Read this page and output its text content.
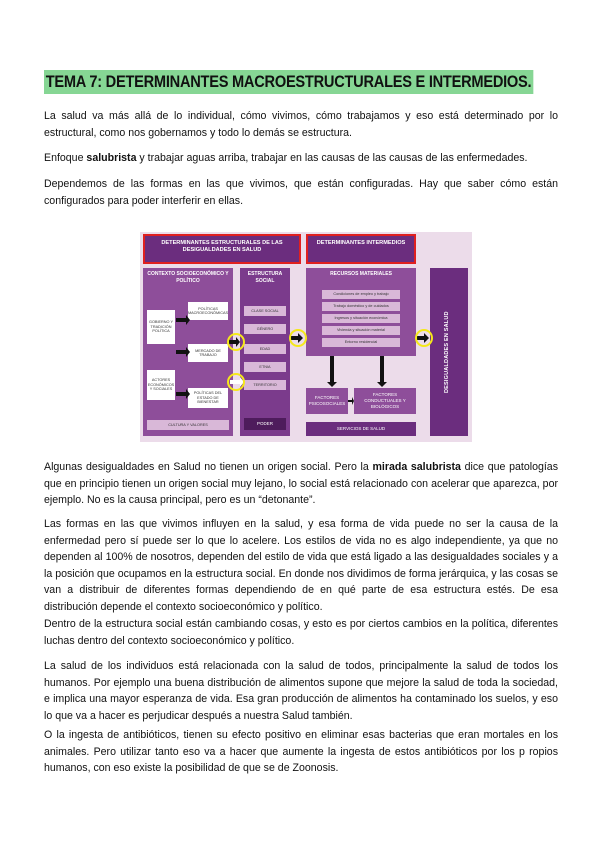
TEMA 7: DETERMINANTES MACROESTRUCTURALES E INTERMEDIOS.

La salud va más allá de lo individual, cómo vivimos, cómo trabajamos y eso está determinado por lo estructural, como nos gobernamos y todo lo demás se estructura.

Enfoque salubrista y trabajar aguas arriba, trabajar en las causas de las causas de las enfermedades.

Dependemos de las formas en las que vivimos, que están configuradas. Hay que saber cómo están configurados para poder interferir en ellas.

DETERMINANTES ESTRUCTURALES DE LAS DESIGUALDADES EN SALUD
DETERMINANTES INTERMEDIOS
CONTEXTO SOCIOECONÓMICO Y POLÍTICO
GOBIERNO Y TRADICIÓN POLÍTICA
ACTORES ECONÓMICOS Y SOCIALES
POLÍTICAS MACROECONÓMICAS
MERCADO DE TRABAJO
POLÍTICAS DEL ESTADO DE BIENESTAR
CULTURA Y VALORES
ESTRUCTURA SOCIAL
CLASE SOCIAL
GÉNERO
EDAD
ETNIA
TERRITORIO
PODER
RECURSOS MATERIALES
Condiciones de empleo y trabajo
Trabajo doméstico y de cuidados
Ingresos y situación económica
Vivienda y situación material
Entorno residencial
FACTORES PSICOSOCIALES
FACTORES CONDUCTUALES Y BIOLÓGICOS
SERVICIOS DE SALUD
DESIGUALDADES EN SALUD

Algunas desigualdades en Salud no tienen un origen social. Pero la mirada salubrista dice que patologías que en principio tienen un origen social muy lejano, lo social está relacionado con acelerar que aparezca, por ejemplo. No es la causa principal, pero es un “detonante”.

Las formas en las que vivimos influyen en la salud, y esa forma de vida puede no ser la causa de la enfermedad pero sí puede ser lo que lo acelere. Los estilos de vida no es algo independiente, ya que no dependen al 100% de nosotros, dependen del estilo de vida que está ligado a las desigualdades sociales y a la posición que ocupamos en la estructura social. En donde nos dividimos de forma jerárquica, y las cosas se van a distribuir de diferentes formas dependiendo de en qué parte de esa estructura estés. De esa distribución depende el contexto socioeconómico y político.

Dentro de la estructura social están cambiando cosas, y esto es por ciertos cambios en la política, diferentes luchas dentro del contexto socioeconómico y político.

La salud de los individuos está relacionada con la salud de todos, principalmente la salud de todos los humanos. Por ejemplo una buena distribución de alimentos supone que mejore la salud de toda la sociedad, e implica una mayor esperanza de vida. Esa gran producción de alimentos ha contaminado los suelos, y eso lo que va a hacer es perjudicar después a nuestra Salud también.

O la ingesta de antibióticos, tienen su efecto positivo en eliminar esas bacterias que eran mortales en los animales. Pero utilizar tanto eso va a hacer que aumente la ingesta de estos antibióticos por los p ropios humanos, con eso existe la posibilidad de que se de Zoonosis.
